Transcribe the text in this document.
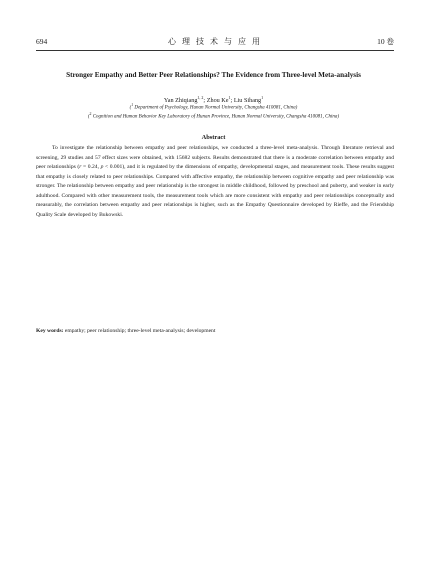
694	心 理 技 术 与 应 用	10 卷
Stronger Empathy and Better Peer Relationships? The Evidence from Three-level Meta-analysis
Yan Zhiqiang$^{1, 2}$; Zhou Ke$^1$; Liu Sihang$^1$
($^1$ Department of Psychology, Hunan Normal University, Changsha 410081, China)
($^2$ Cognition and Human Behavior Key Laboratory of Hunan Province, Hunan Normal University, Changsha 410081, China)
Abstract

To investigate the relationship between empathy and peer relationships, we conducted a three-level meta-analysis. Through literature retrieval and screening, 29 studies and 57 effect sizes were obtained, with 15682 subjects. Results demonstrated that there is a moderate correlation between empathy and peer relationships (r = 0.24, p < 0.001), and it is regulated by the dimensions of empathy, developmental stages, and measurement tools. These results suggest that empathy is closely related to peer relationships. Compared with affective empathy, the relationship between cognitive empathy and peer relationship was stronger. The relationship between empathy and peer relationship is the strongest in middle childhood, followed by preschool and puberty, and weaker in early adulthood. Compared with other measurement tools, the measurement tools which are more consistent with empathy and peer relationships conceptually and measurably, the correlation between empathy and peer relationships is higher, such as the Empathy Questionnaire developed by Rieffe, and the Friendship Quality Scale developed by Bukowski.

Key words: empathy; peer relationship; three-level meta-analysis; development
